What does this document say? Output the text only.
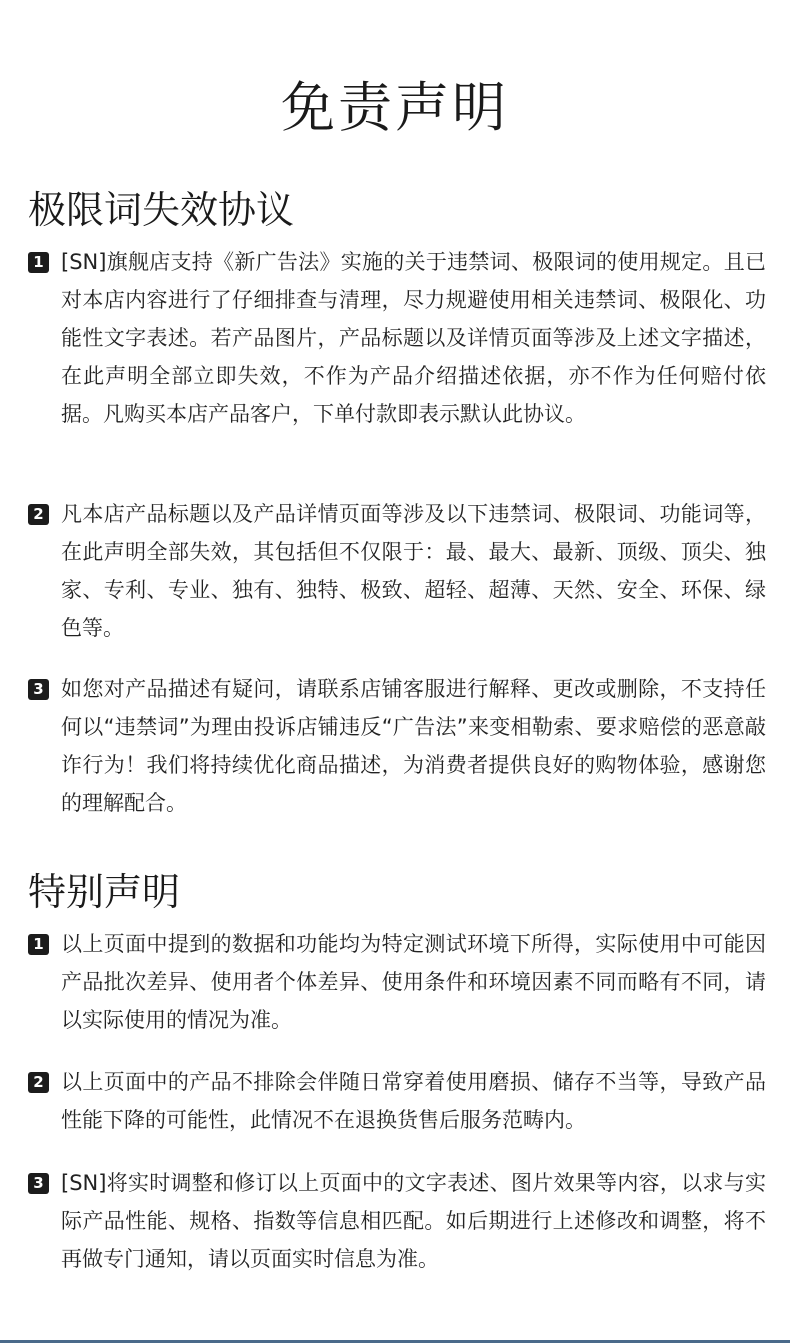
免责声明
极限词失效协议
1 [SN]旗舰店支持《新广告法》实施的关于违禁词、极限词的使用规定。且已对本店内容进行了仔细排查与清理，尽力规避使用相关违禁词、极限化、功能性文字表述。若产品图片，产品标题以及详情页面等涉及上述文字描述，在此声明全部立即失效，不作为产品介绍描述依据，亦不作为任何赔付依据。凡购买本店产品客户，下单付款即表示默认此协议。
2 凡本店产品标题以及产品详情页面等涉及以下违禁词、极限词、功能词等，在此声明全部失效，其包括但不仅限于：最、最大、最新、顶级、顶尖、独家、专利、专业、独有、独特、极致、超轻、超薄、天然、安全、环保、绿色等。
3 如您对产品描述有疑问，请联系店铺客服进行解释、更改或删除，不支持任何以“违禁词”为理由投诉店铺违反“广告法”来变相勒索、要求赔偿的恶意敲诈行为！我们将持续优化商品描述，为消费者提供良好的购物体验，感谢您的理解配合。
特别声明
1 以上页面中提到的数据和功能均为特定测试环境下所得，实际使用中可能因产品批次差异、使用者个体差异、使用条件和环境因素不同而略有不同，请以实际使用的情况为准。
2 以上页面中的产品不排除会伴随日常穿着使用磨损、储存不当等，导致产品性能下降的可能性，此情况不在退换货售后服务范畴内。
3 [SN]将实时调整和修订以上页面中的文字表述、图片效果等内容，以求与实际产品性能、规格、指数等信息相匹配。如后期进行上述修改和调整，将不再做专门通知，请以页面实时信息为准。
